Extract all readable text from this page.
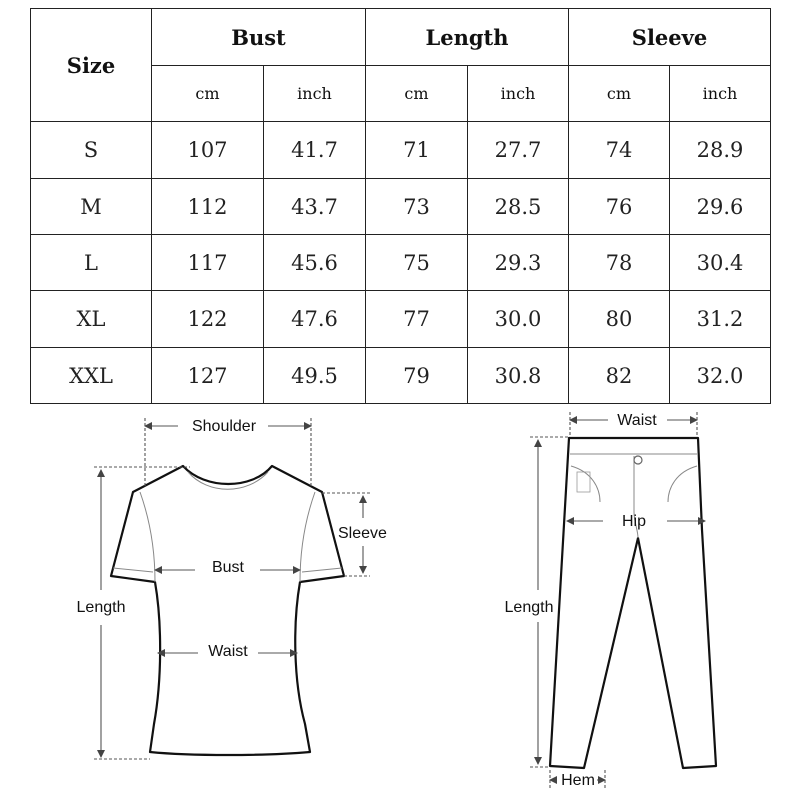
Size	Bust		Length		Sleeve	
	cm	inch	cm	inch	cm	inch
S	107	41.7	71	27.7	74	28.9
M	112	43.7	73	28.5	76	29.6
L	117	45.6	75	29.3	78	30.4
XL	122	47.6	77	30.0	80	31.2
XXL	127	49.5	79	30.8	82	32.0
Shoulder
Sleeve
Bust
Waist
Length
Waist
Hip
Length
Hem
